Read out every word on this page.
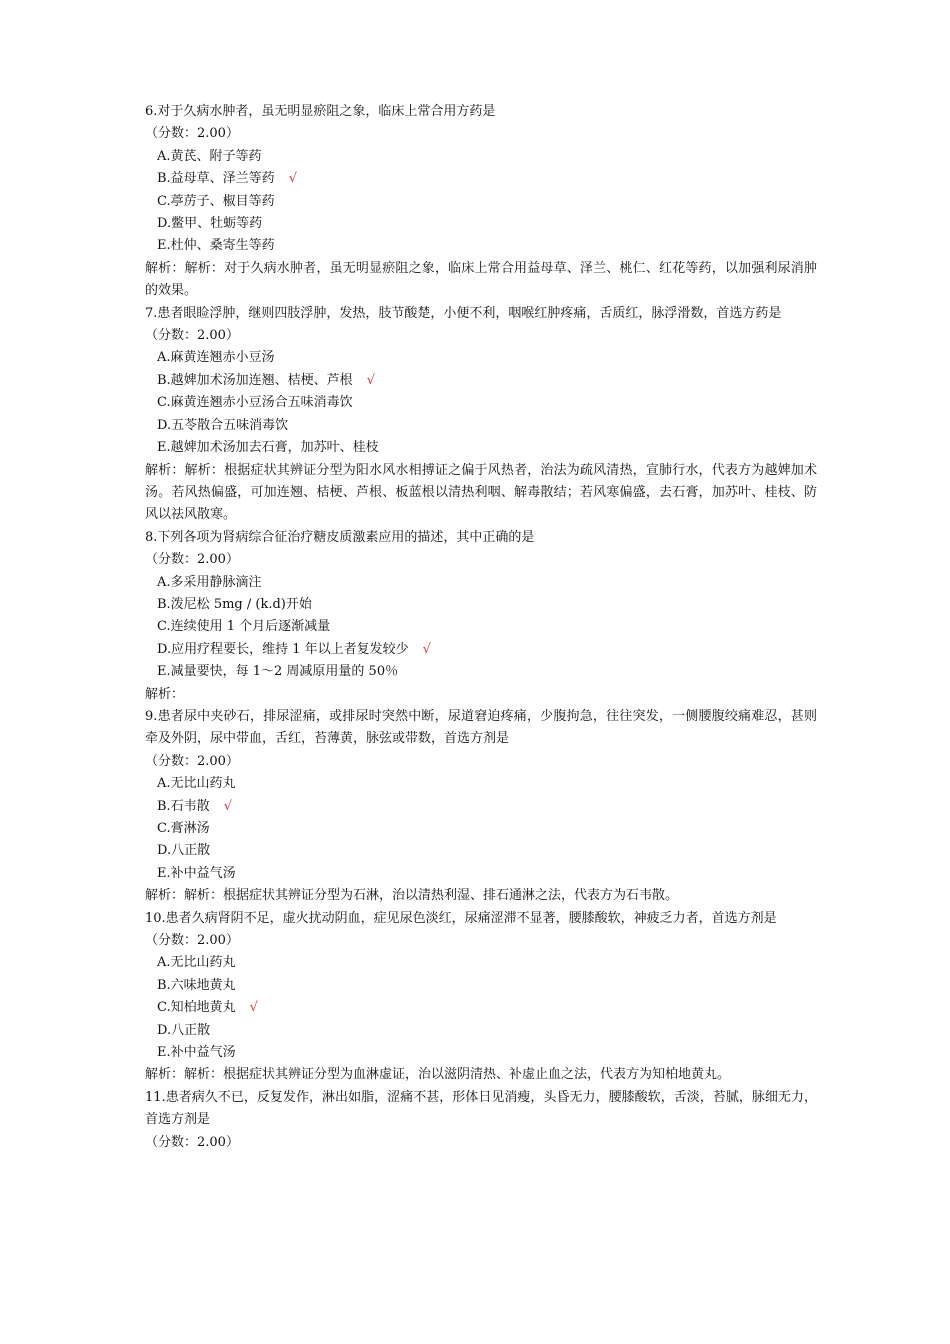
6.对于久病水肿者，虽无明显瘀阻之象，临床上常合用方药是
（分数：2.00）
A.黄芪、附子等药
B.益母草、泽兰等药 √
C.葶苈子、椒目等药
D.鳖甲、牡蛎等药
E.杜仲、桑寄生等药
解析：解析：对于久病水肿者，虽无明显瘀阻之象，临床上常合用益母草、泽兰、桃仁、红花等药，以加强利尿消肿的效果。
7.患者眼睑浮肿，继则四肢浮肿，发热，肢节酸楚，小便不利，咽喉红肿疼痛，舌质红，脉浮滑数，首选方药是
（分数：2.00）
A.麻黄连翘赤小豆汤
B.越婢加术汤加连翘、桔梗、芦根 √
C.麻黄连翘赤小豆汤合五味消毒饮
D.五苓散合五味消毒饮
E.越婢加术汤加去石膏，加苏叶、桂枝
解析：解析：根据症状其辨证分型为阳水风水相搏证之偏于风热者，治法为疏风清热，宣肺行水，代表方为越婢加术汤。若风热偏盛，可加连翘、桔梗、芦根、板蓝根以清热利咽、解毒散结；若风寒偏盛，去石膏，加苏叶、桂枝、防风以祛风散寒。
8.下列各项为肾病综合征治疗糖皮质激素应用的描述，其中正确的是
（分数：2.00）
A.多采用静脉滴注
B.泼尼松 5mg / (k.d)开始
C.连续使用 1 个月后逐渐减量
D.应用疗程要长，维持 1 年以上者复发较少 √
E.减量要快，每 1～2 周减原用量的 50％
解析：
9.患者尿中夹砂石，排尿涩痛，或排尿时突然中断，尿道窘迫疼痛，少腹拘急，往往突发，一侧腰腹绞痛难忍，甚则牵及外阴，尿中带血，舌红，苔薄黄，脉弦或带数，首选方剂是
（分数：2.00）
A.无比山药丸
B.石韦散 √
C.膏淋汤
D.八正散
E.补中益气汤
解析：解析：根据症状其辨证分型为石淋，治以清热利湿、排石通淋之法，代表方为石韦散。
10.患者久病肾阴不足，虚火扰动阴血，症见尿色淡红，尿痛涩滞不显著，腰膝酸软，神疲乏力者，首选方剂是
（分数：2.00）
A.无比山药丸
B.六味地黄丸
C.知柏地黄丸 √
D.八正散
E.补中益气汤
解析：解析：根据症状其辨证分型为血淋虚证，治以滋阴清热、补虚止血之法，代表方为知柏地黄丸。
11.患者病久不已，反复发作，淋出如脂，涩痛不甚，形体日见消瘦，头昏无力，腰膝酸软，舌淡，苔腻，脉细无力，首选方剂是
（分数：2.00）
